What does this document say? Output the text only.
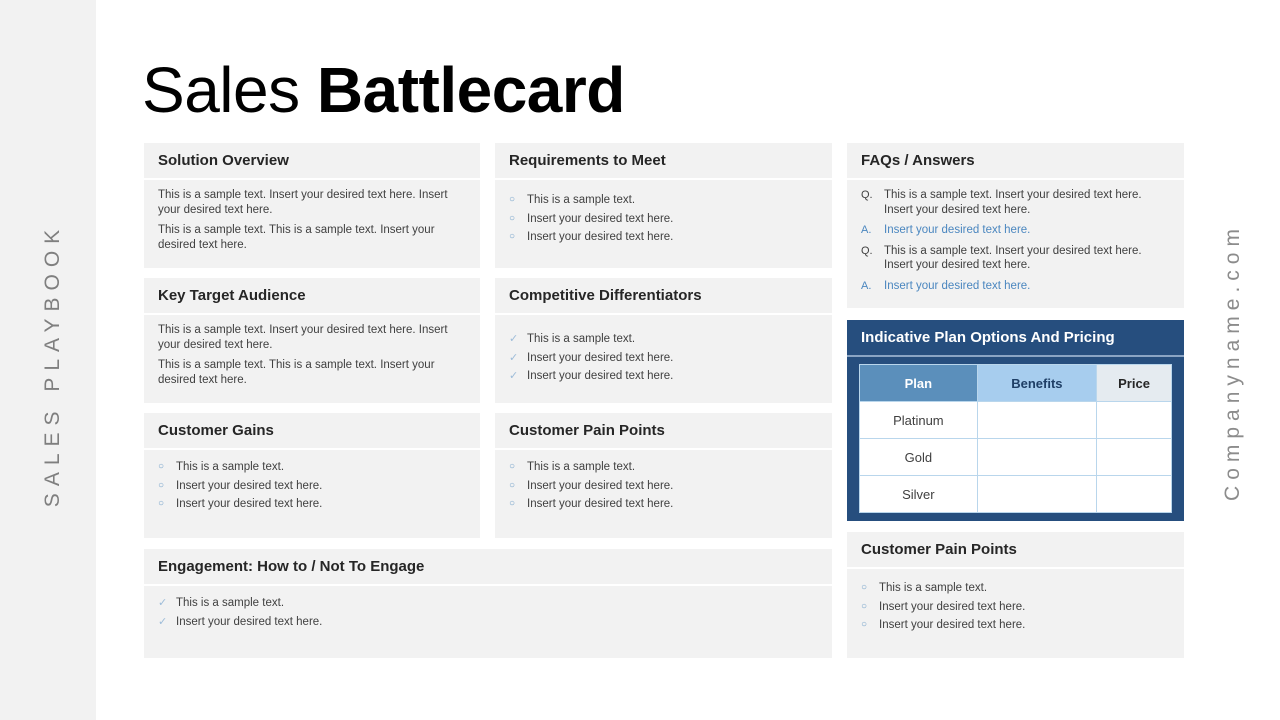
SALES PLAYBOOK	Companyname.com
Sales Battlecard
Solution Overview

This is a sample text. Insert your desired text here. Insert your desired text here.

This is a sample text. This is a sample text. Insert your desired text here.

Requirements to Meet
○ This is a sample text.
○ Insert your desired text here.
○ Insert your desired text here.
FAQs / Answers
Q. This is a sample text. Insert your desired text here. Insert your desired text here.
A.	Insert your desired text here.
Q. This is a sample text. Insert your desired text here. Insert your desired text here.
A.	Insert your desired text here.
Key Target Audience

This is a sample text. Insert your desired text here. Insert your desired text here.

This is a sample text. This is a sample text. Insert your desired text here.

Competitive Differentiators
✓ This is a sample text.
✓ Insert your desired text here.
✓ Insert your desired text here.
Indicative Plan Options And Pricing
Plan	Benefits	Price
Platinum		
Gold		
Silver		
Customer Gains
○ This is a sample text.
○ Insert your desired text here.
○ Insert your desired text here.
Customer Pain Points
○ This is a sample text.
○ Insert your desired text here.
○ Insert your desired text here.
Customer Pain Points
○ This is a sample text.
○ Insert your desired text here.
○ Insert your desired text here.
Engagement: How to / Not To Engage
✓ This is a sample text.
✓ Insert your desired text here.
